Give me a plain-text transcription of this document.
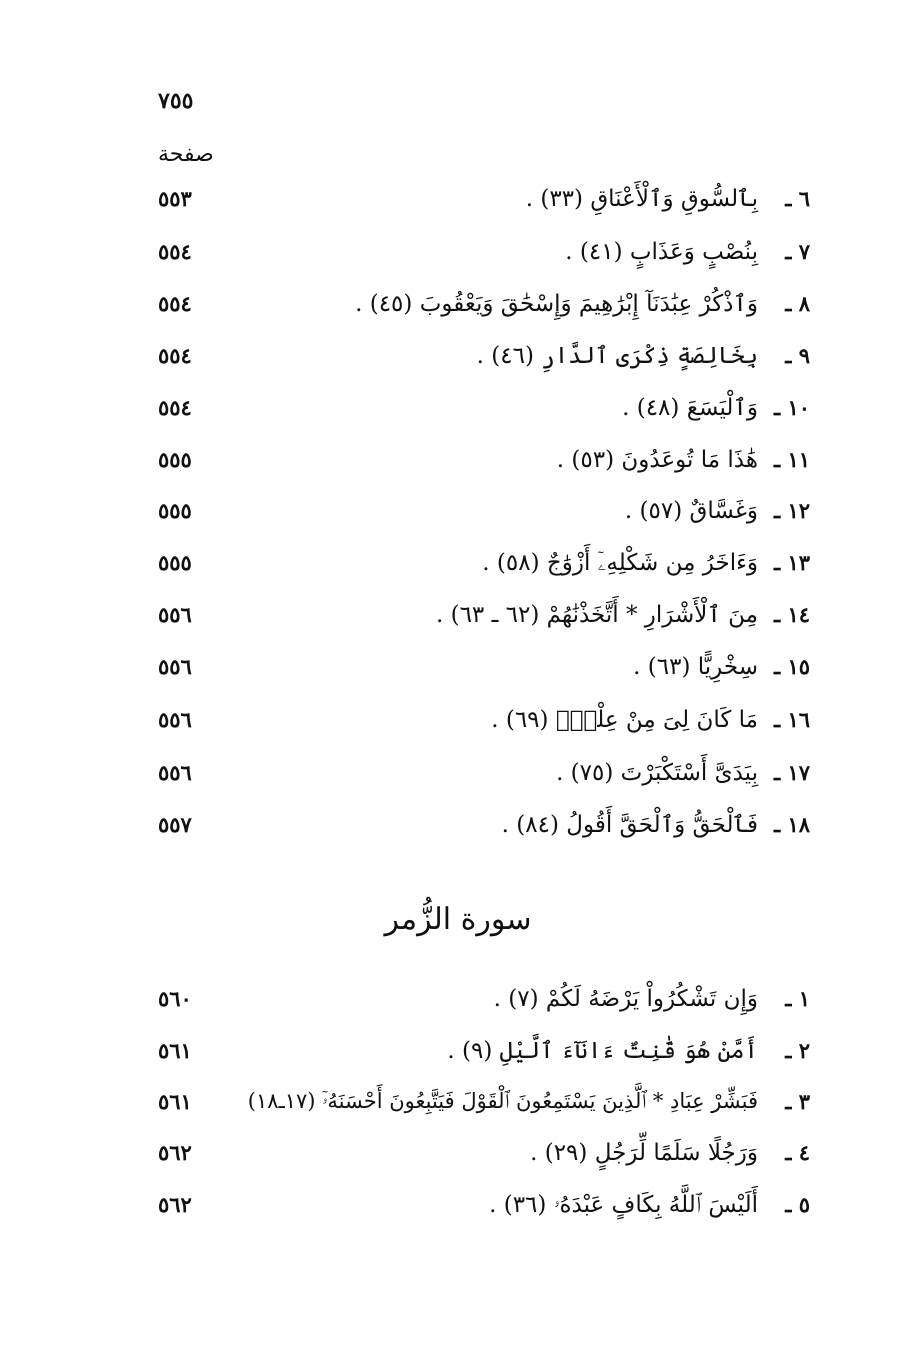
٧٥٥
صفحة
٦ ـ
بِٱلسُّوقِ وَٱلْأَعْنَاقِ (٣٣) .
٥٥٣
٧ ـ
بِنُصْبٍ وَعَذَابٍ (٤١) .
٥٥٤
٨ ـ
وَٱذْكُرْ عِبَٰدَنَآ إِبْرَٰهِيمَ وَإِسْحَٰقَ وَيَعْقُوبَ (٤٥) .
٥٥٤
٩ ـ
بِخَالِصَةٍ ذِكْرَى ٱلدَّارِ (٤٦) .
٥٥٤
١٠ ـ
وَٱلْيَسَعَ (٤٨) .
٥٥٤
١١ ـ
هَٰذَا مَا تُوعَدُونَ (٥٣) .
٥٥٥
١٢ ـ
وَغَسَّاقٌ (٥٧) .
٥٥٥
١٣ ـ
وَءَاخَرُ مِن شَكْلِهِۦٓ أَزْوَٰجٌ (٥٨) .
٥٥٥
١٤ ـ
مِنَ ٱلْأَشْرَارِ * أَتَّخَذْنَٰهُمْ (٦٢ ـ ٦٣) .
٥٥٦
١٥ ـ
سِخْرِيًّا (٦٣) .
٥٥٦
١٦ ـ
مَا كَانَ لِىَ مِنْ عِلْمٍۭ (٦٩) .
٥٥٦
١٧ ـ
بِيَدَىَّ أَسْتَكْبَرْتَ (٧٥) .
٥٥٦
١٨ ـ
فَٱلْحَقُّ وَٱلْحَقَّ أَقُولُ (٨٤) .
٥٥٧
سورة الزُّمر
١ ـ
وَإِن تَشْكُرُواْ يَرْضَهُ لَكُمْ (٧) .
٥٦٠
٢ ـ
أَمَّنْ هُوَ قَٰنِتٌ ءَانَآءَ ٱلَّيْلِ (٩) .
٥٦١
٣ ـ
فَبَشِّرْ عِبَادِ * ٱلَّذِينَ يَسْتَمِعُونَ ٱلْقَوْلَ فَيَتَّبِعُونَ أَحْسَنَهُۥٓ (١٧ـ١٨)
٥٦١
٤ ـ
وَرَجُلًا سَلَمًا لِّرَجُلٍ (٢٩) .
٥٦٢
٥ ـ
أَلَيْسَ ٱللَّهُ بِكَافٍ عَبْدَهُۥ (٣٦) .
٥٦٢
